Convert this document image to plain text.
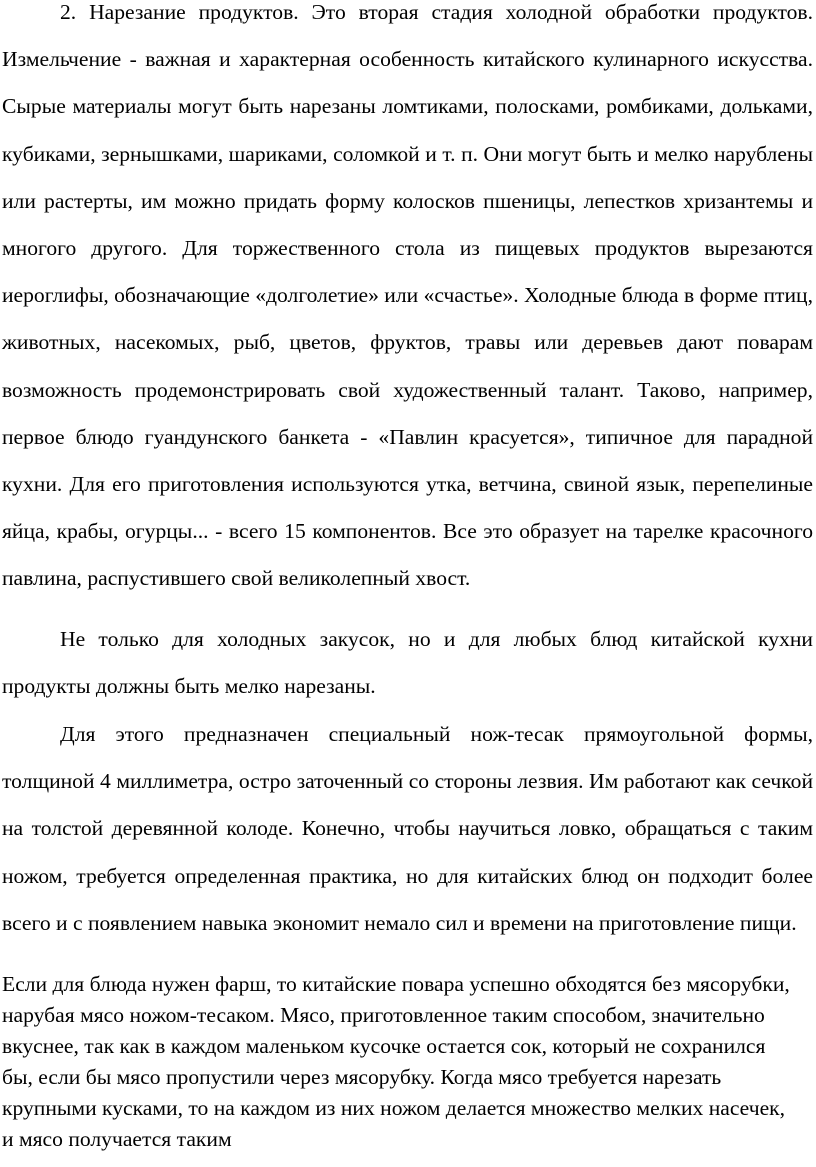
2. Нарезание продуктов. Это вторая стадия холодной обработки продуктов. Измельчение - важная и характерная особенность китайского кулинарного искусства. Сырые материалы могут быть нарезаны ломтиками, полосками, ромбиками, дольками, кубиками, зернышками, шариками, соломкой и т. п. Они могут быть и мелко нарублены или растерты, им можно придать форму колосков пшеницы, лепестков хризантемы и многого другого. Для торжественного стола из пищевых продуктов вырезаются иероглифы, обозначающие «долголетие» или «счастье». Холодные блюда в форме птиц, животных, насекомых, рыб, цветов, фруктов, травы или деревьев дают поварам возможность продемонстрировать свой художественный талант. Таково, например, первое блюдо гуандунского банкета - «Павлин красуется», типичное для парадной кухни. Для его приготовления используются утка, ветчина, свиной язык, перепелиные яйца, крабы, огурцы... - всего 15 компонентов. Все это образует на тарелке красочного павлина, распустившего свой великолепный хвост.

Не только для холодных закусок, но и для любых блюд китайской кухни продукты должны быть мелко нарезаны.

Для этого предназначен специальный нож-тесак прямоугольной формы, толщиной 4 миллиметра, остро заточенный со стороны лезвия. Им работают как сечкой на толстой деревянной колоде. Конечно, чтобы научиться ловко, обращаться с таким ножом, требуется определенная практика, но для китайских блюд он подходит более всего и с появлением навыка экономит немало сил и времени на приготовление пищи.

Если для блюда нужен фарш, то китайские повара успешно обходятся без мясорубки, нарубая мясо ножом-тесаком. Мясо, приготовленное таким способом, значительно вкуснее, так как в каждом маленьком кусочке остается сок, который не сохранился бы, если бы мясо пропустили через мясорубку. Когда мясо требуется нарезать крупными кусками, то на каждом из них ножом делается множество мелких насечек, и мясо получается таким
